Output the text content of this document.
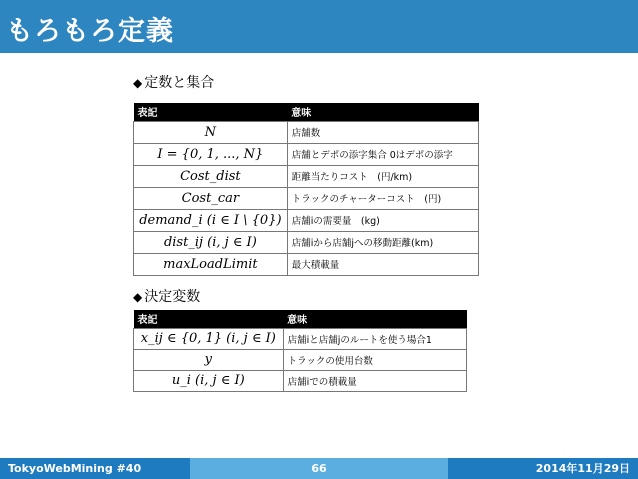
もろもろ定義
◆ 定数と集合
表記	意味
N	店舗数
I = {0, 1, ..., N}	店舗とデポの添字集合 0はデポの添字
Cost_dist	距離当たりコスト　(円/km)
Cost_car	トラックのチャーターコスト　(円)
demand_i (i ∈ I \ {0})	店舗iの需要量　(kg)
dist_ij (i, j ∈ I)	店舗iから店舗jへの移動距離(km)
maxLoadLimit	最大積載量
◆ 決定変数
表記	意味
x_ij ∈ {0, 1} (i, j ∈ I)	店舗iと店舗jのルートを使う場合1
y	トラックの使用台数
u_i (i, j ∈ I)	店舗iでの積載量
TokyoWebMining #40	66	2014年11月29日
